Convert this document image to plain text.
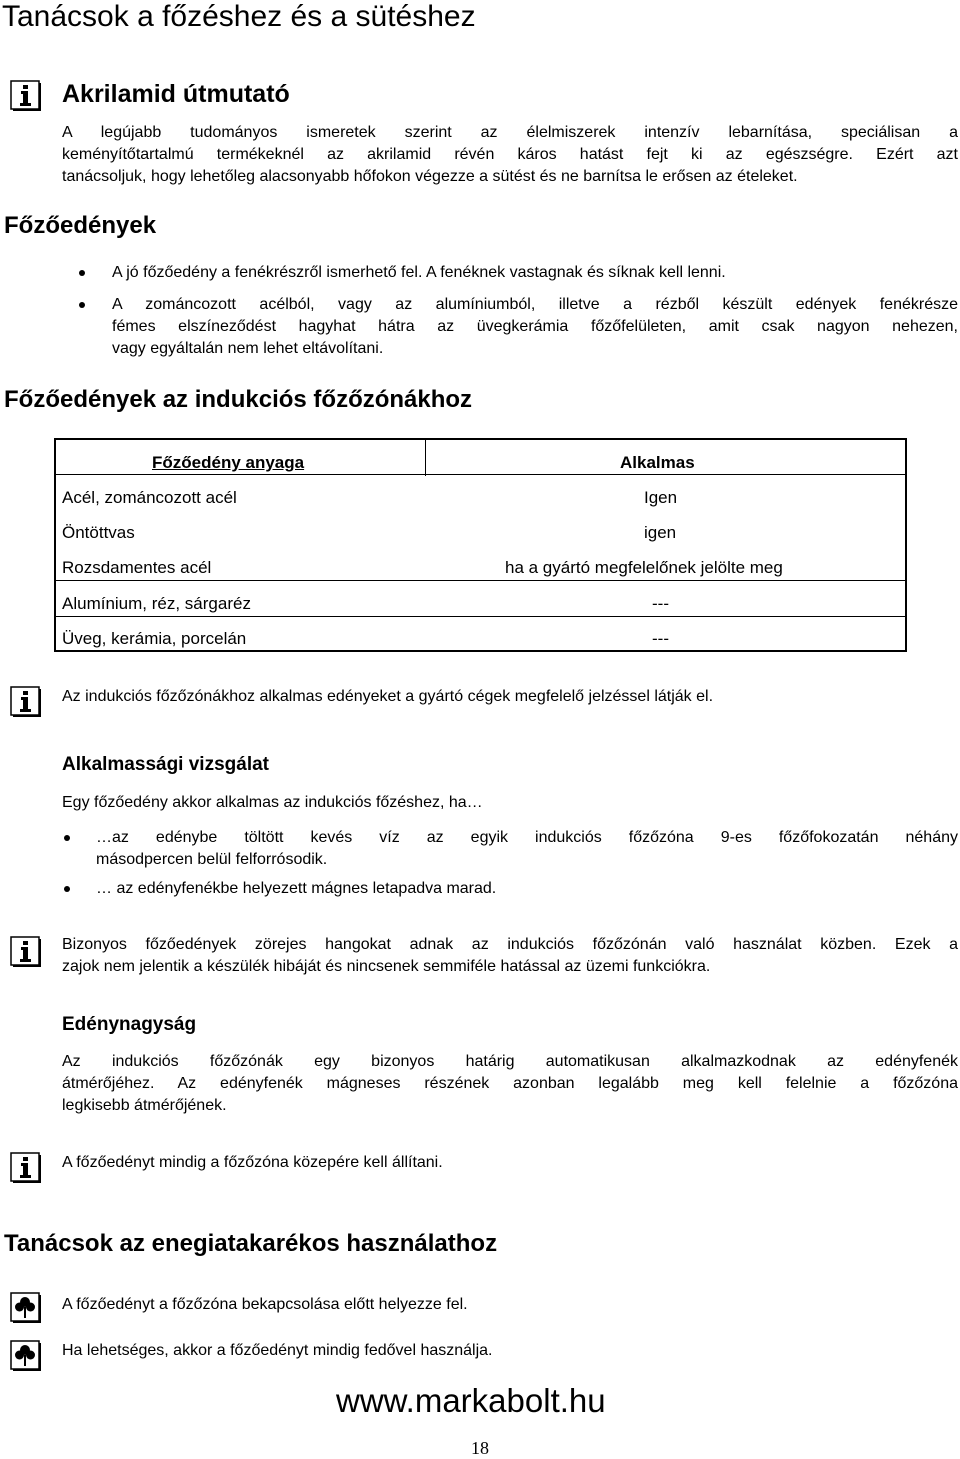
Tanácsok a főzéshez és a sütéshez
Akrilamid útmutató
A legújabb tudományos ismeretek szerint az élelmiszerek intenzív lebarnítása, speciálisan a
keményítőtartalmú termékeknél az akrilamid révén káros hatást fejt ki az egészségre. Ezért azt
tanácsoljuk, hogy lehetőleg alacsonyabb hőfokon végezze a sütést és ne barnítsa le erősen az ételeket.
Főzőedények
A jó főzőedény a fenékrészről ismerhető fel. A fenéknek vastagnak és síknak kell lenni.
A zománcozott acélból, vagy az alumíniumból, illetve a rézből készült edények fenékrésze
fémes elszíneződést hagyhat hátra az üvegkerámia főzőfelületen, amit csak nagyon nehezen,
vagy egyáltalán nem lehet eltávolítani.
Főzőedények az indukciós főzőzónákhoz
Főzőedény anyaga	Alkalmas
Acél, zománcozott acél	Igen
Öntöttvas	igen
Rozsdamentes acél	ha a gyártó megfelelőnek jelölte meg
Alumínium, réz, sárgaréz	---
Üveg, kerámia, porcelán	---
Az indukciós főzőzónákhoz alkalmas edényeket a gyártó cégek megfelelő jelzéssel látják el.
Alkalmassági vizsgálat
Egy főzőedény akkor alkalmas az indukciós főzéshez, ha…
…az edénybe töltött kevés víz az egyik indukciós főzőzóna 9-es főzőfokozatán néhány
másodpercen belül felforrósodik.
… az edényfenékbe helyezett mágnes letapadva marad.
Bizonyos főzőedények zörejes hangokat adnak az indukciós főzőzónán való használat közben. Ezek a
zajok nem jelentik a készülék hibáját és nincsenek semmiféle hatással az üzemi funkciókra.
Edénynagyság
Az indukciós főzőzónák egy bizonyos határig automatikusan alkalmazkodnak az edényfenék
átmérőjéhez. Az edényfenék mágneses részének azonban legalább meg kell felelnie a főzőzóna
legkisebb átmérőjének.
A főzőedényt mindig a főzőzóna közepére kell állítani.
Tanácsok az enegiatakarékos használathoz
A főzőedényt a főzőzóna bekapcsolása előtt helyezze fel.
Ha lehetséges, akkor a főzőedényt mindig fedővel használja.
www.markabolt.hu
18
